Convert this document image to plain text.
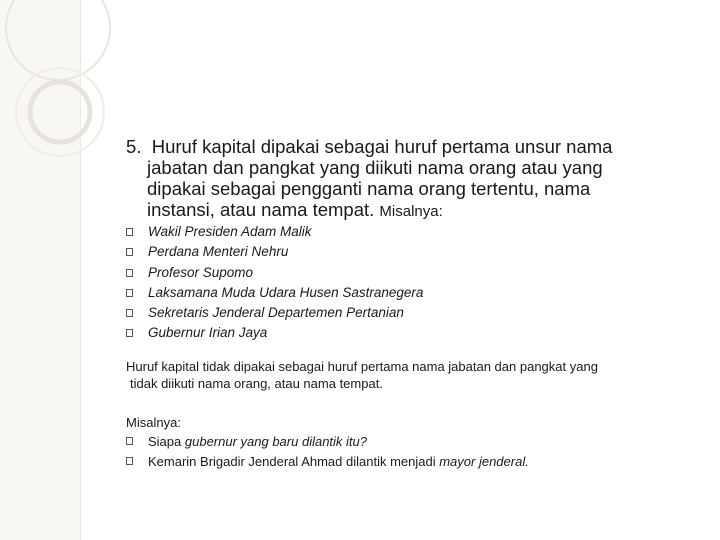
5. Huruf kapital dipakai sebagai huruf pertama unsur nama
jabatan dan pangkat yang diikuti nama orang atau yang
dipakai sebagai pengganti nama orang tertentu, nama
instansi, atau nama tempat. Misalnya:

Wakil Presiden Adam Malik
Perdana Menteri Nehru
Profesor Supomo
Laksamana Muda Udara Husen Sastranegera
Sekretaris Jenderal Departemen Pertanian
Gubernur Irian Jaya
Huruf kapital tidak dipakai sebagai huruf pertama nama jabatan dan pangkat yang
tidak diikuti nama orang, atau nama tempat.
Misalnya:
Siapa gubernur yang baru dilantik itu?
Kemarin Brigadir Jenderal Ahmad dilantik menjadi mayor jenderal.
